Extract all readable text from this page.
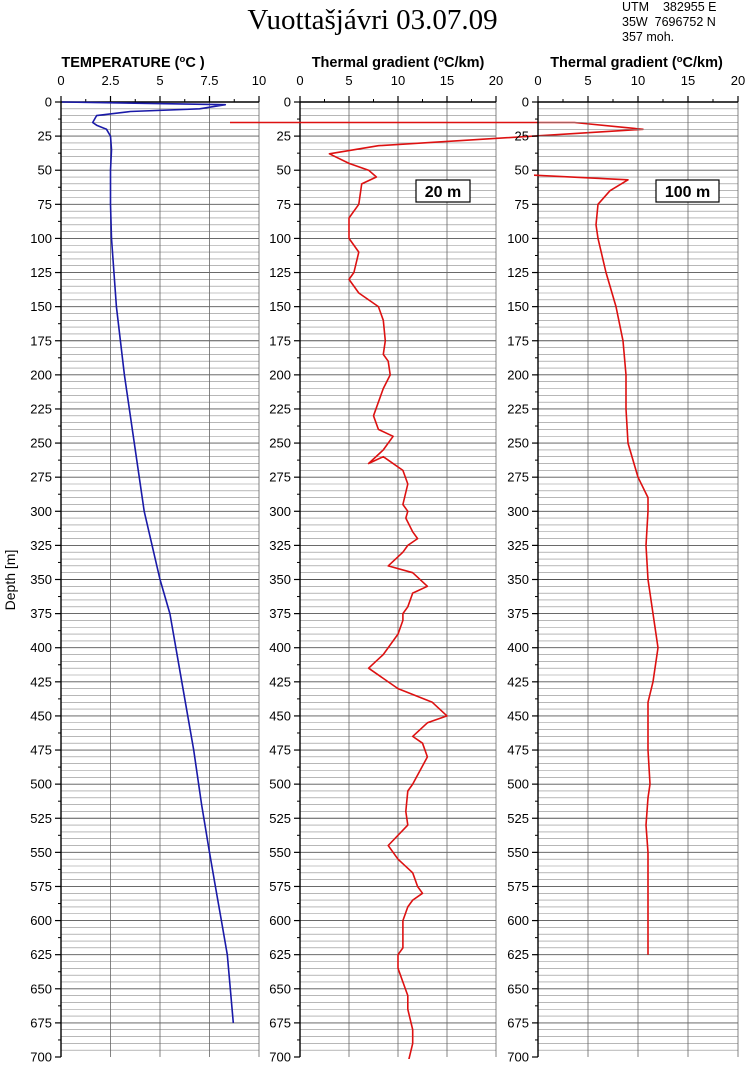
Vuottašjávri 03.07.09	UTM    382955 E
35W  7696752 N
357 moh.
0	2.5	5	7.5	10
0
25
50
75
100
125
150
175
200
225
250
275
300
325
350
375
400
425
450
475
500
525
550
575
600
625
650
675
700
TEMPERATURE ($^o$C )
0	5	10	15	20
0
25
50
75
100
125
150
175
200
225
250
275
300
325
350
375
400
425
450
475
500
525
550
575
600
625
650
675
700
20 m
Thermal gradient ($^o$C/km)
0	5	10	15	20
0
25
50
75
100
125
150
175
200
225
250
275
300
325
350
375
400
425
450
475
500
525
550
575
600
625
650
675
700
100 m
Thermal gradient ($^o$C/km)
Depth [m]
